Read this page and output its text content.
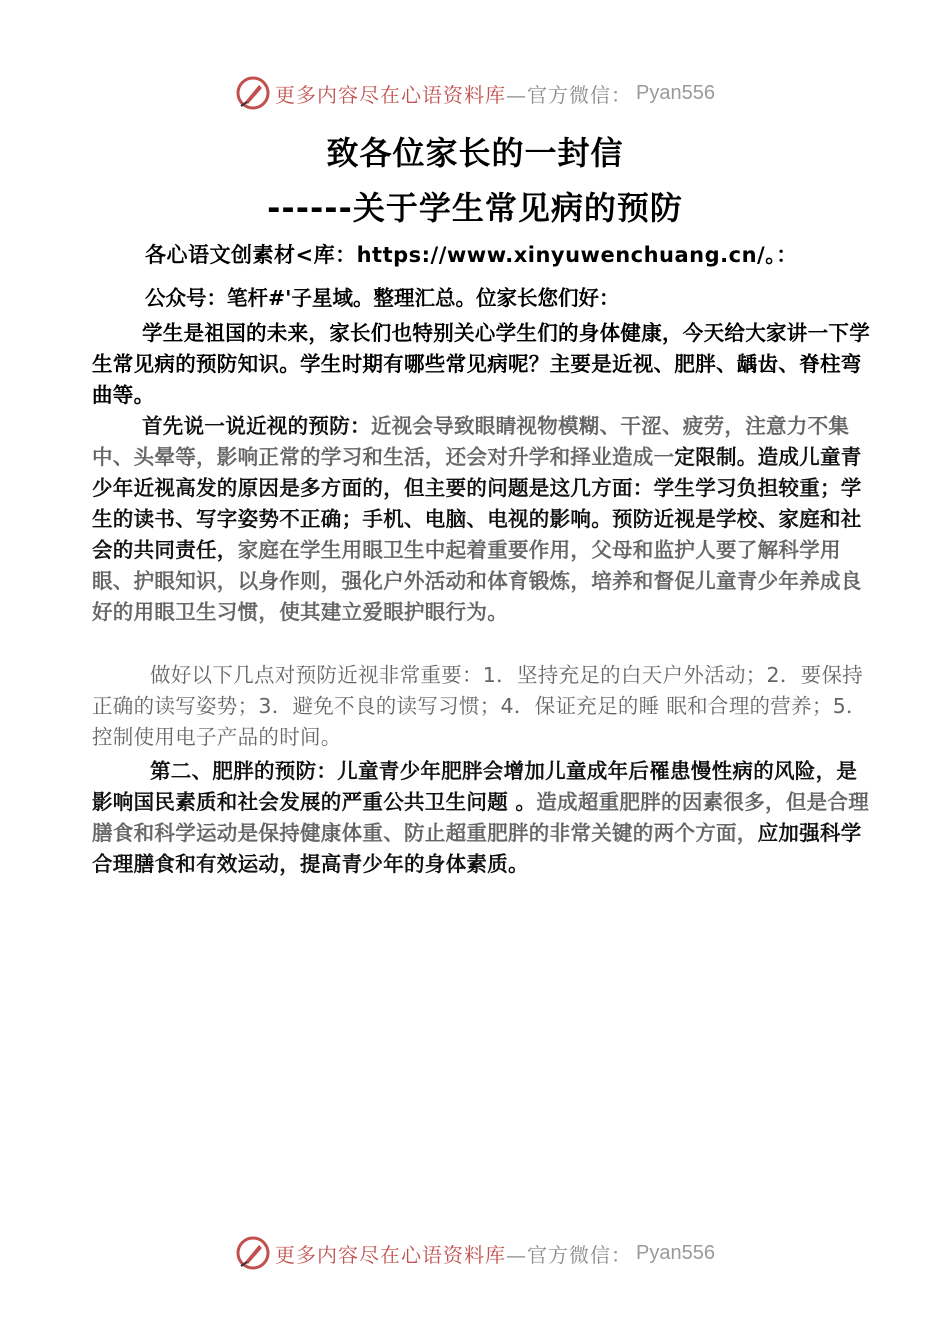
更多内容尽在心语资料库 —官方微信： Pyan556
致各位家长的一封信
------关于学生常见病的预防
各心语文创素材<库：https://www.xinyuwenchuang.cn/。：
公众号：笔杆#'子星域。整理汇总。位家长您们好：

学生是祖国的未来，家长们也特别关心学生们的身体健康，今天给大家讲一下学生常见病的预防知识。学生时期有哪些常见病呢？主要是近视、肥胖、龋齿、脊柱弯曲等。

首先说一说近视的预防：近视会导致眼睛视物模糊、干涩、疲劳，注意力不集中、头晕等，影响正常的学习和生活，还会对升学和择业造成一定限制。造成儿童青少年近视高发的原因是多方面的，但主要的问题是这几方面：学生学习负担较重；学生的读书、写字姿势不正确；手机、电脑、电视的影响。预防近视是学校、家庭和社会的共同责任，家庭在学生用眼卫生中起着重要作用，父母和监护人要了解科学用眼、护眼知识，以身作则，强化户外活动和体育锻炼，培养和督促儿童青少年养成良好的用眼卫生习惯，使其建立爱眼护眼行为。

做好以下几点对预防近视非常重要：1．坚持充足的白天户外活动；2．要保持正确的读写姿势；3．避免不良的读写习惯；4．保证充足的睡 眠和合理的营养；5．控制使用电子产品的时间。

第二、肥胖的预防：儿童青少年肥胖会增加儿童成年后罹患慢性病的风险，是影响国民素质和社会发展的严重公共卫生问题 。造成超重肥胖的因素很多，但是合理膳食和科学运动是保持健康体重、防止超重肥胖的非常关键的两个方面，应加强科学合理膳食和有效运动，提高青少年的身体素质。

更多内容尽在心语资料库 —官方微信： Pyan556
